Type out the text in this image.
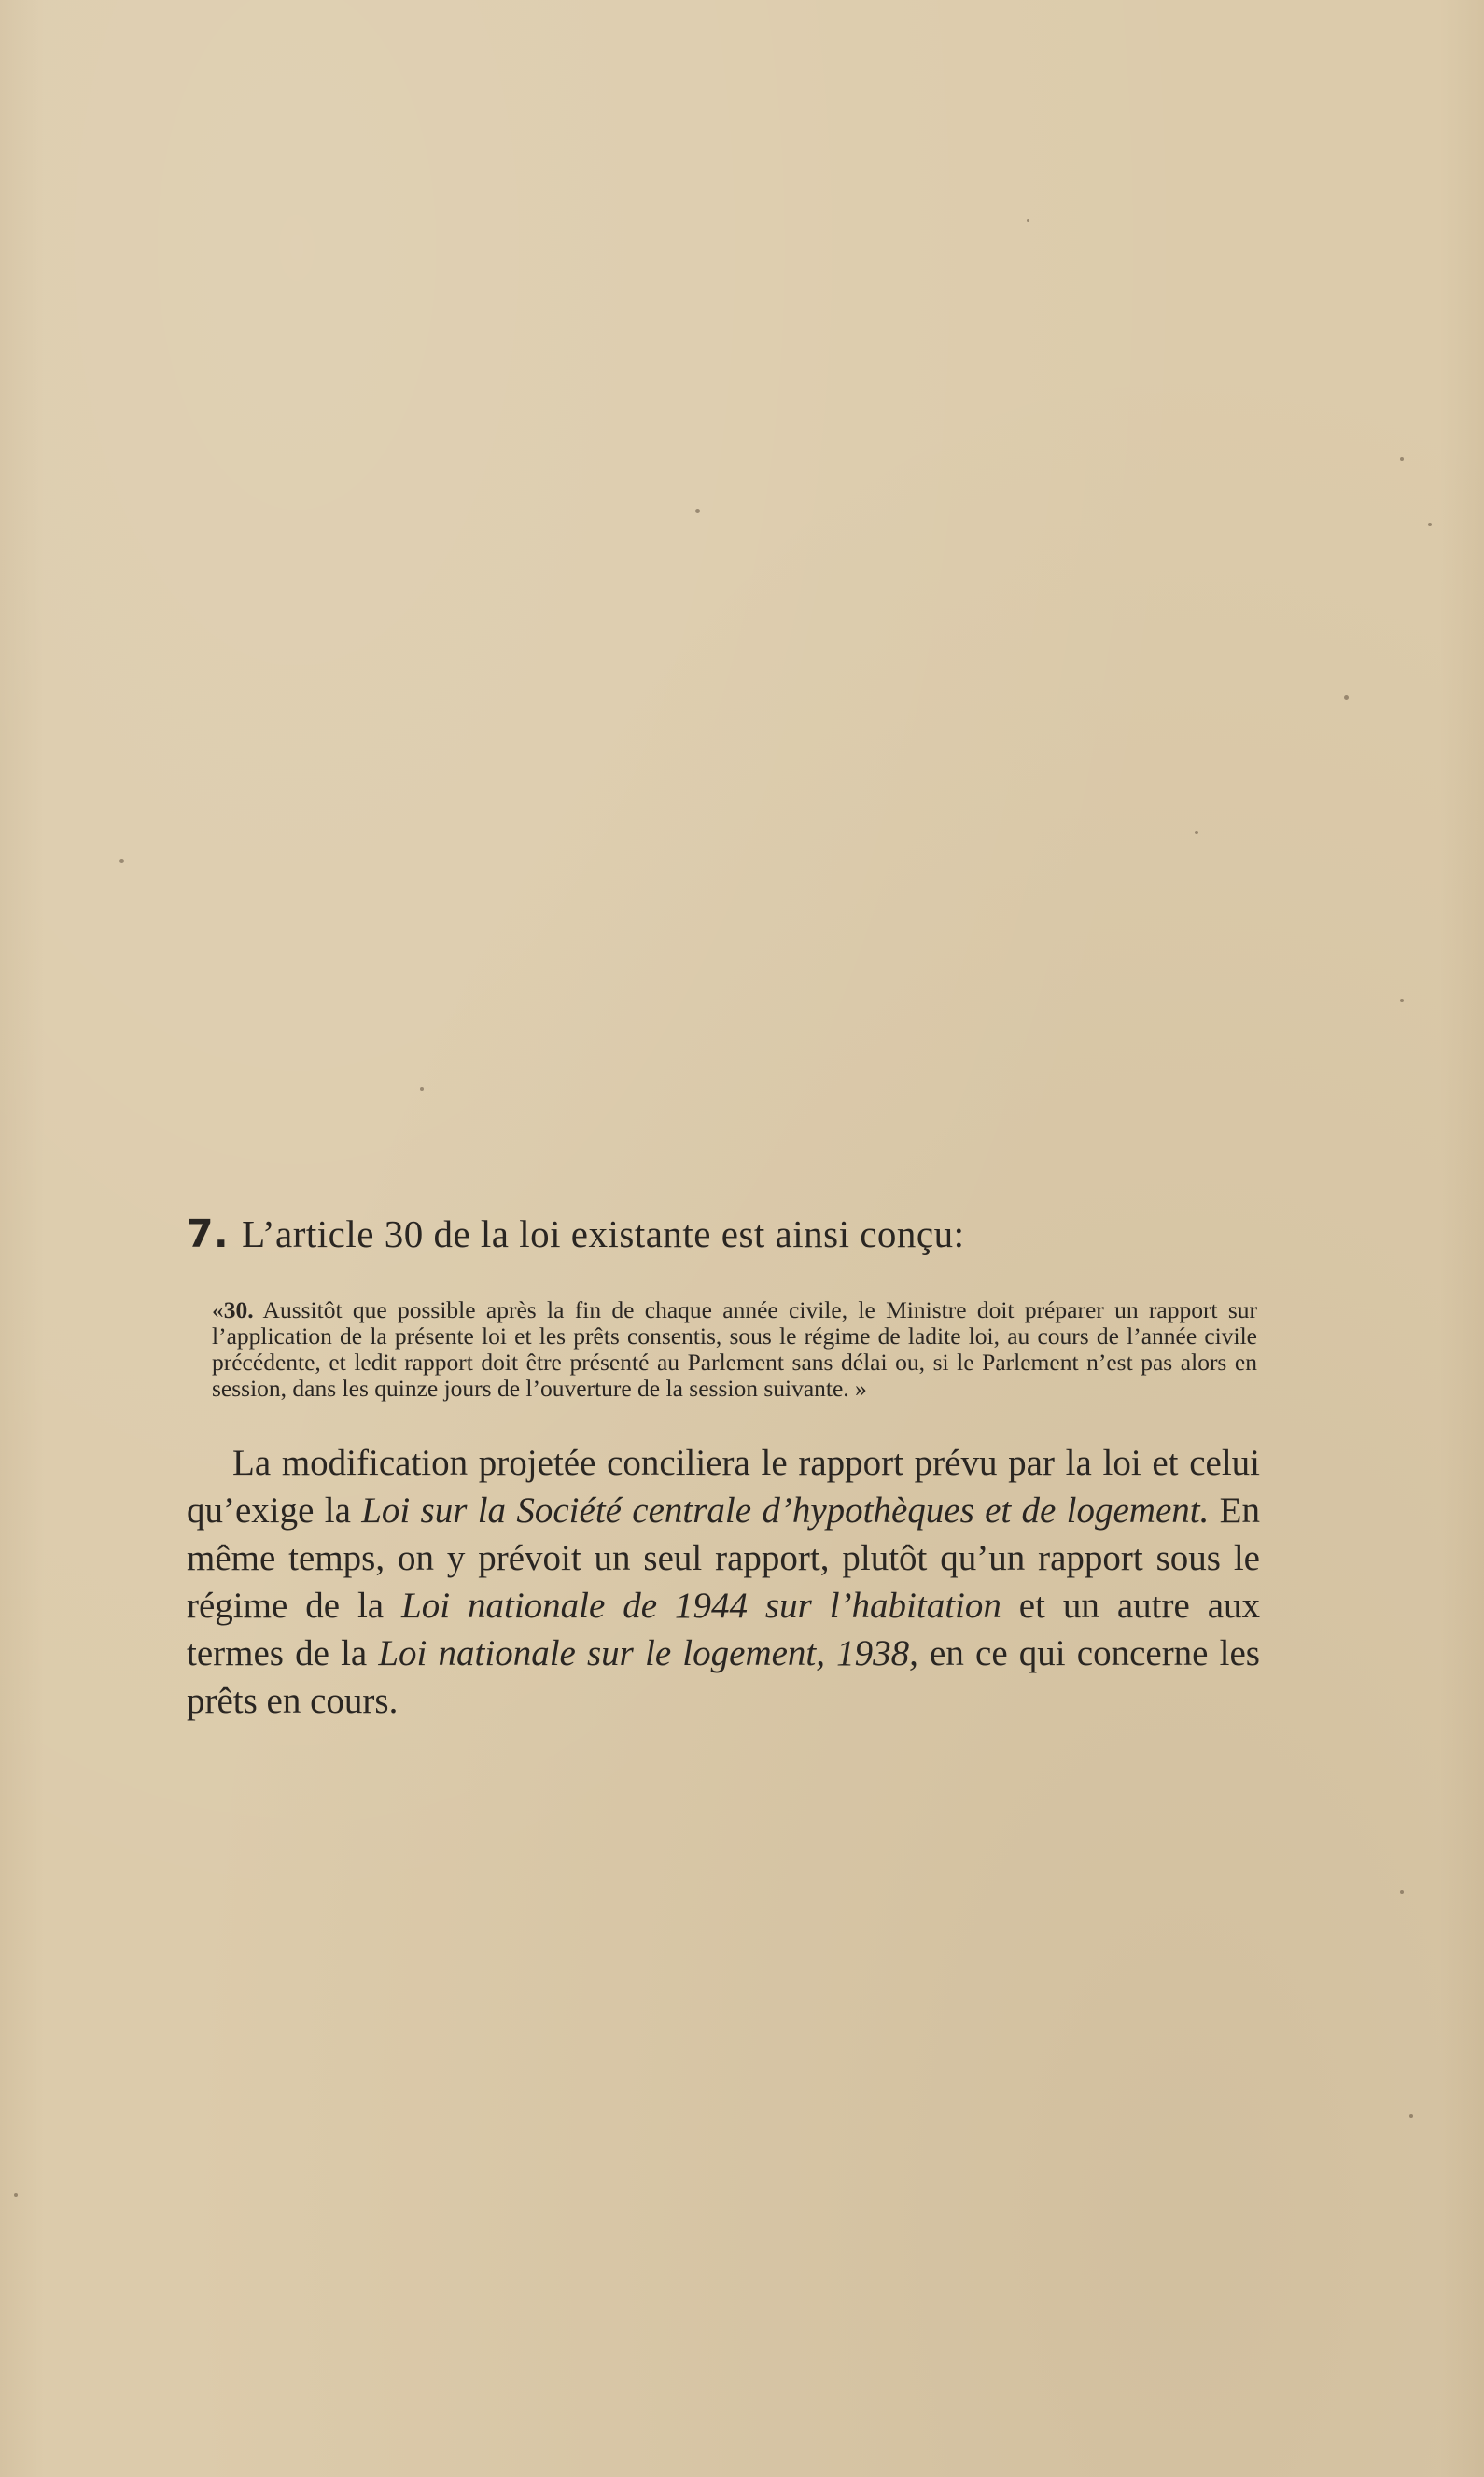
7. L’article 30 de la loi existante est ainsi conçu:

«30. Aussitôt que possible après la fin de chaque année civile, le Ministre doit préparer un rapport sur l’application de la présente loi et les prêts consentis, sous le régime de ladite loi, au cours de l’année civile précédente, et ledit rapport doit être présenté au Parlement sans délai ou, si le Parlement n’est pas alors en session, dans les quinze jours de l’ouverture de la session suivante. »

La modification projetée conciliera le rapport prévu par la loi et celui qu’exige la Loi sur la Société centrale d’hypothèques et de logement. En même temps, on y prévoit un seul rapport, plutôt qu’un rapport sous le régime de la Loi nationale de 1944 sur l’habitation et un autre aux termes de la Loi nationale sur le logement, 1938, en ce qui concerne les prêts en cours.
